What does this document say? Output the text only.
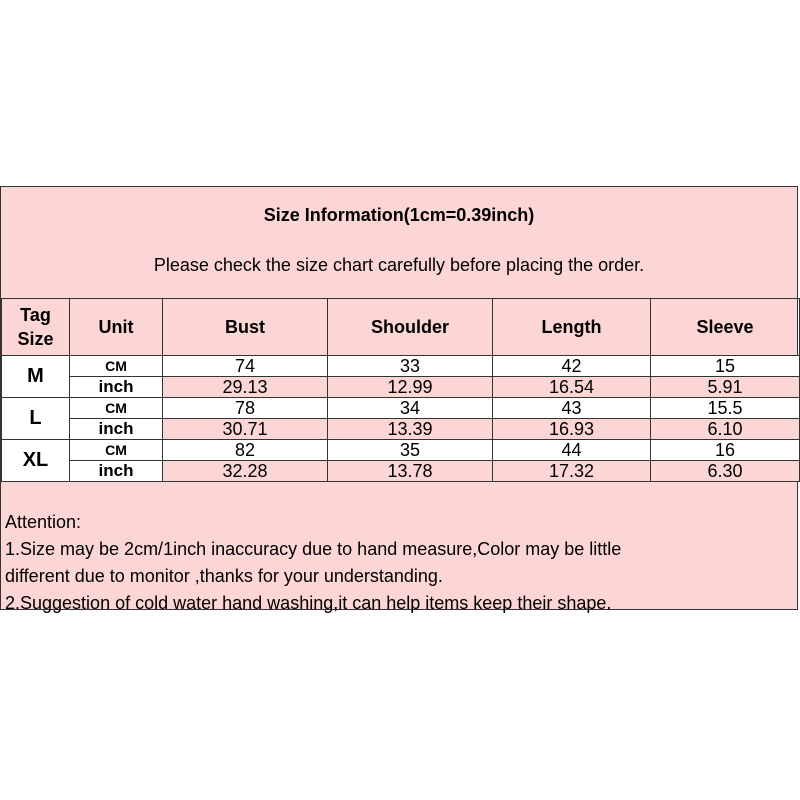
Size Information(1cm=0.39inch)
Please check the size chart carefully before placing the order.
Tag
Size	Unit	Bust	Shoulder	Length	Sleeve
M	CM	74	33	42	15
	inch	29.13	12.99	16.54	5.91
L	CM	78	34	43	15.5
	inch	30.71	13.39	16.93	6.10
XL	CM	82	35	44	16
	inch	32.28	13.78	17.32	6.30
Attention:
1.Size may be 2cm/1inch inaccuracy due to hand measure,Color may be little
different due to monitor ,thanks for your understanding.
2.Suggestion of cold water hand washing,it can help items keep their shape.
